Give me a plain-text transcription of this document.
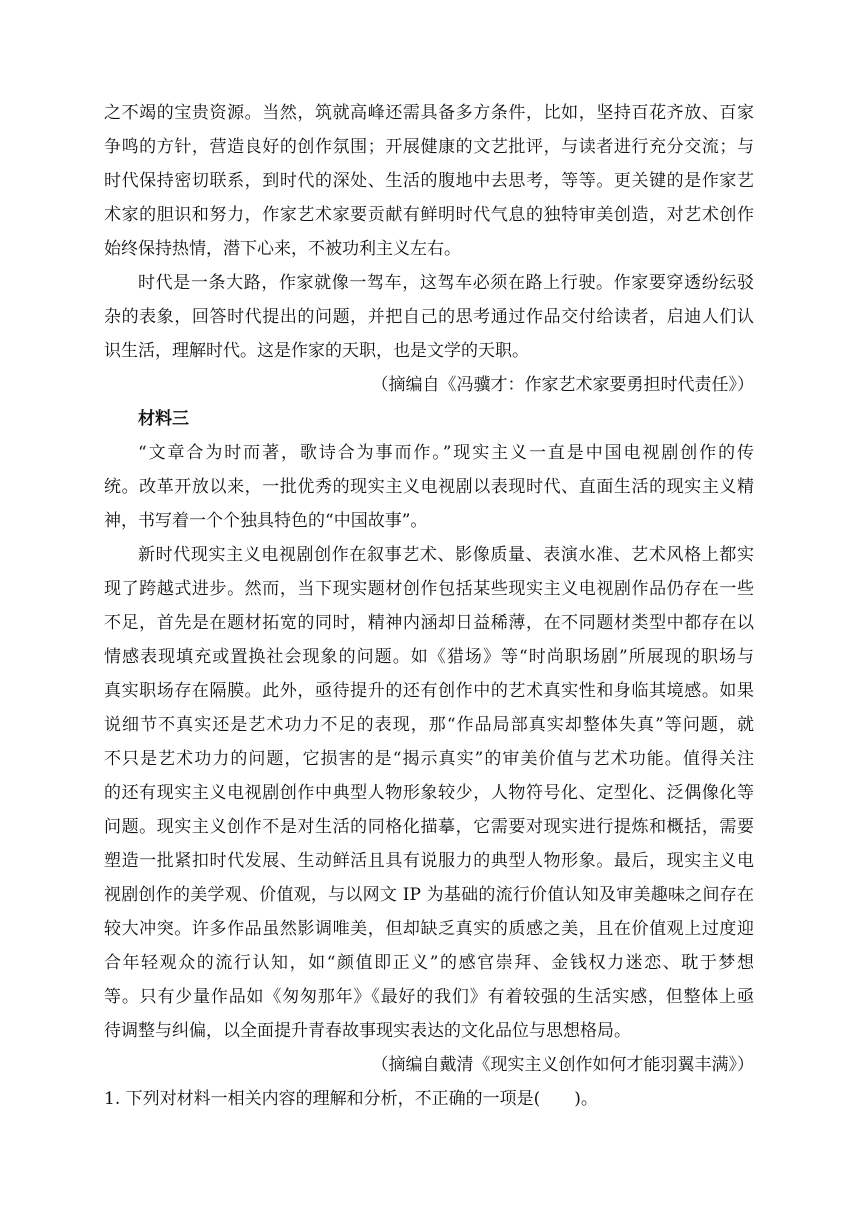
之不竭的宝贵资源。当然，筑就高峰还需具备多方条件，比如，坚持百花齐放、百家
争鸣的方针，营造良好的创作氛围；开展健康的文艺批评，与读者进行充分交流；与
时代保持密切联系，到时代的深处、生活的腹地中去思考，等等。更关键的是作家艺
术家的胆识和努力，作家艺术家要贡献有鲜明时代气息的独特审美创造，对艺术创作
始终保持热情，潜下心来，不被功利主义左右。
时代是一条大路，作家就像一驾车，这驾车必须在路上行驶。作家要穿透纷纭驳
杂的表象，回答时代提出的问题，并把自己的思考通过作品交付给读者，启迪人们认
识生活，理解时代。这是作家的天职，也是文学的天职。
（摘编自《冯骥才：作家艺术家要勇担时代责任》）
材料三
“文章合为时而著，歌诗合为事而作。”现实主义一直是中国电视剧创作的传
统。改革开放以来，一批优秀的现实主义电视剧以表现时代、直面生活的现实主义精
神，书写着一个个独具特色的“中国故事”。
新时代现实主义电视剧创作在叙事艺术、影像质量、表演水准、艺术风格上都实
现了跨越式进步。然而，当下现实题材创作包括某些现实主义电视剧作品仍存在一些
不足，首先是在题材拓宽的同时，精神内涵却日益稀薄，在不同题材类型中都存在以
情感表现填充或置换社会现象的问题。如《猎场》等“时尚职场剧”所展现的职场与
真实职场存在隔膜。此外，亟待提升的还有创作中的艺术真实性和身临其境感。如果
说细节不真实还是艺术功力不足的表现，那“作品局部真实却整体失真”等问题，就
不只是艺术功力的问题，它损害的是“揭示真实”的审美价值与艺术功能。值得关注
的还有现实主义电视剧创作中典型人物形象较少，人物符号化、定型化、泛偶像化等
问题。现实主义创作不是对生活的同格化描摹，它需要对现实进行提炼和概括，需要
塑造一批紧扣时代发展、生动鲜活且具有说服力的典型人物形象。最后，现实主义电
视剧创作的美学观、价值观，与以网文 IP 为基础的流行价值认知及审美趣味之间存在
较大冲突。许多作品虽然影调唯美，但却缺乏真实的质感之美，且在价值观上过度迎
合年轻观众的流行认知，如“颜值即正义”的感官崇拜、金钱权力迷恋、耽于梦想
等。只有少量作品如《匆匆那年》《最好的我们》有着较强的生活实感，但整体上亟
待调整与纠偏，以全面提升青春故事现实表达的文化品位与思想格局。
（摘编自戴清《现实主义创作如何才能羽翼丰满》）
1. 下列对材料一相关内容的理解和分析，不正确的一项是(　　)。
